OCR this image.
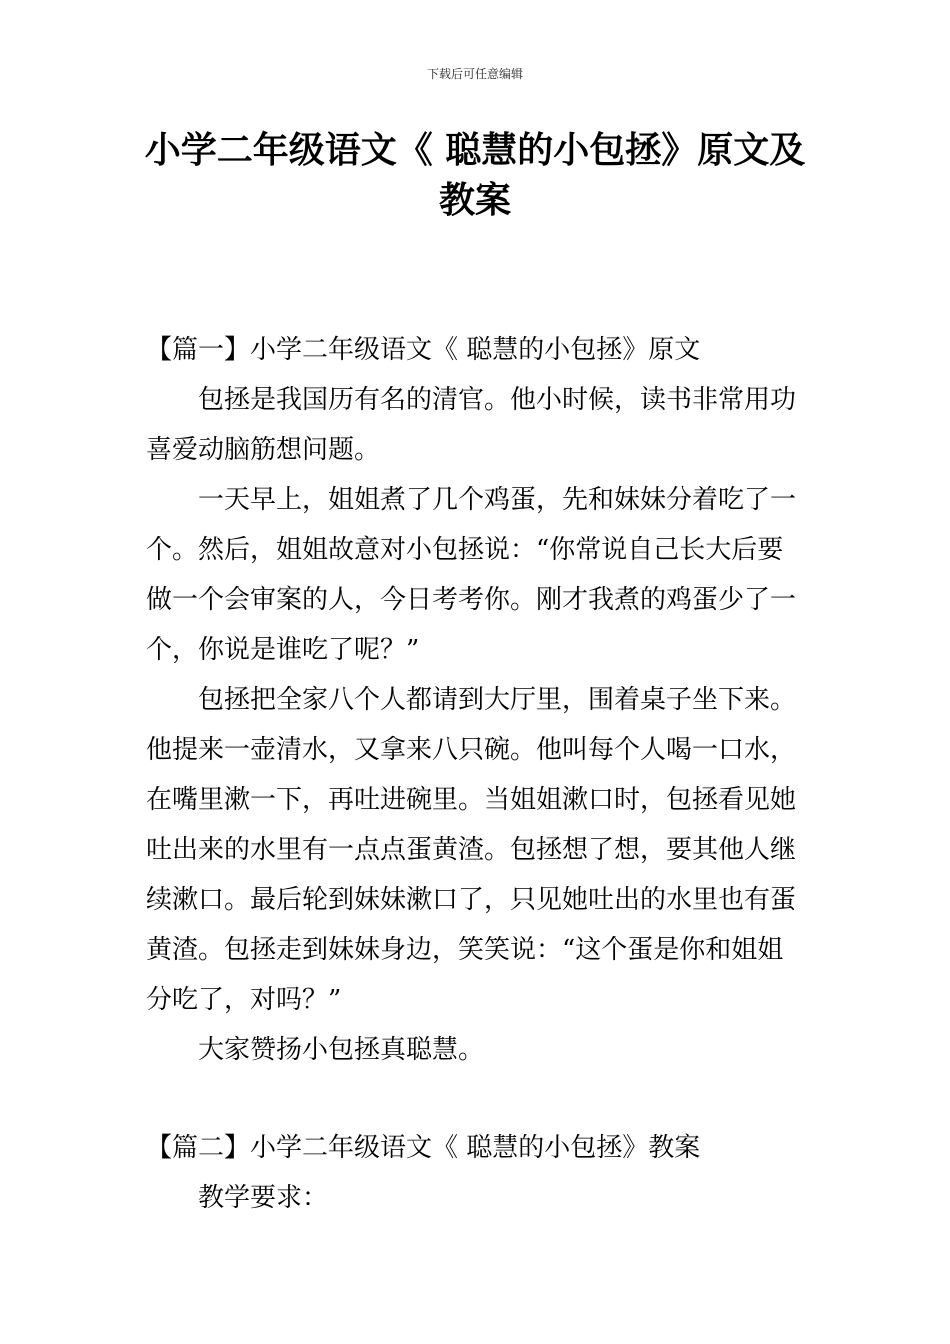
下载后可任意编辑
小学二年级语文《 聪慧的小包拯》原文及
教案
【篇一】小学二年级语文《 聪慧的小包拯》原文
包拯是我国历有名的清官。他小时候，读书非常用功
喜爱动脑筋想问题。
一天早上，姐姐煮了几个鸡蛋，先和妹妹分着吃了一
个。然后，姐姐故意对小包拯说：“你常说自己长大后要
做一个会审案的人，今日考考你。刚才我煮的鸡蛋少了一
个，你说是谁吃了呢？”
包拯把全家八个人都请到大厅里，围着桌子坐下来。
他提来一壶清水，又拿来八只碗。他叫每个人喝一口水，
在嘴里漱一下，再吐进碗里。当姐姐漱口时，包拯看见她
吐出来的水里有一点点蛋黄渣。包拯想了想，要其他人继
续漱口。最后轮到妹妹漱口了，只见她吐出的水里也有蛋
黄渣。包拯走到妹妹身边，笑笑说：“这个蛋是你和姐姐
分吃了，对吗？”
大家赞扬小包拯真聪慧。
【篇二】小学二年级语文《 聪慧的小包拯》教案
教学要求：
